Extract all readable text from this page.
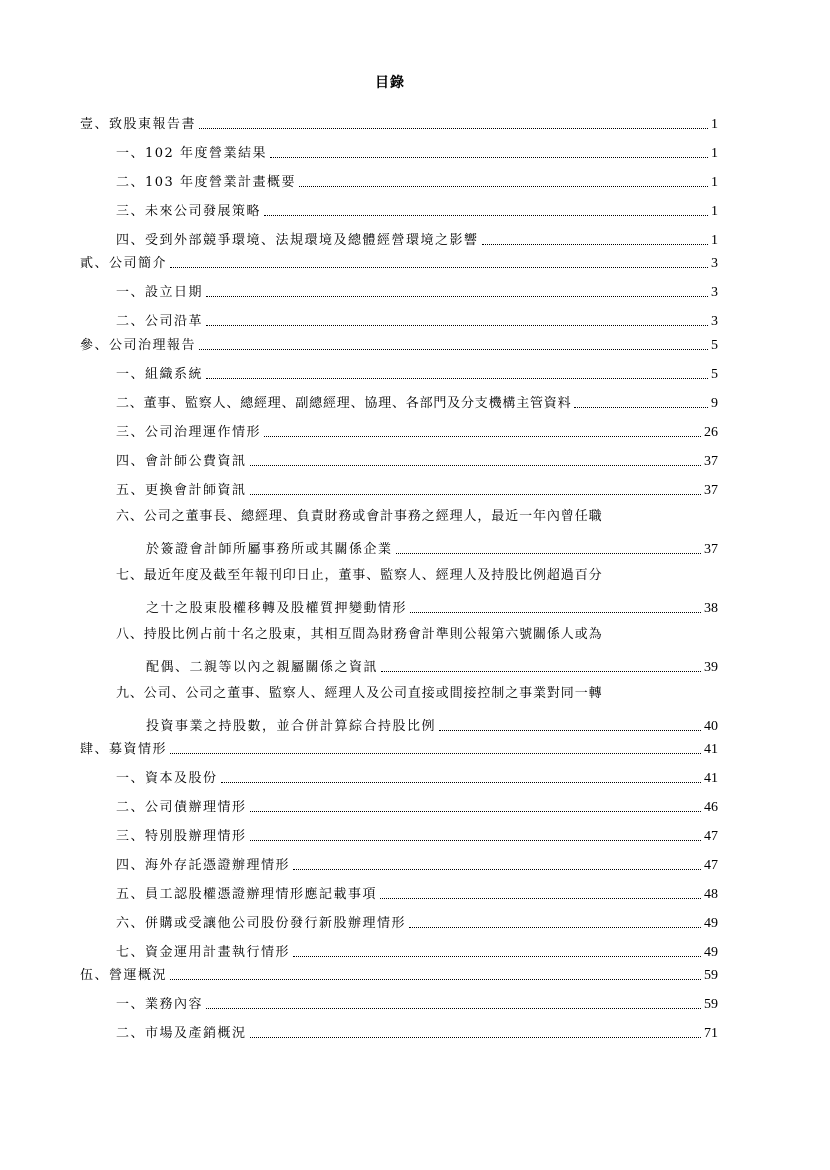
目錄
壹、致股東報告書	1
一、102 年度營業結果	1
二、103 年度營業計畫概要	1
三、未來公司發展策略	1
四、受到外部競爭環境、法規環境及總體經營環境之影響	1
貳、公司簡介	3
一、設立日期	3
二、公司沿革	3
參、公司治理報告	5
一、組織系統	5
二、董事、監察人、總經理、副總經理、協理、各部門及分支機構主管資料	9
三、公司治理運作情形	26
四、會計師公費資訊	37
五、更換會計師資訊	37
六、公司之董事長、總經理、負責財務或會計事務之經理人，最近一年內曾任職
於簽證會計師所屬事務所或其關係企業	37
七、最近年度及截至年報刊印日止，董事、監察人、經理人及持股比例超過百分
之十之股東股權移轉及股權質押變動情形	38
八、持股比例占前十名之股東，其相互間為財務會計準則公報第六號關係人或為
配偶、二親等以內之親屬關係之資訊	39
九、公司、公司之董事、監察人、經理人及公司直接或間接控制之事業對同一轉
投資事業之持股數，並合併計算綜合持股比例	40
肆、募資情形	41
一、資本及股份	41
二、公司債辦理情形	46
三、特別股辦理情形	47
四、海外存託憑證辦理情形	47
五、員工認股權憑證辦理情形應記載事項	48
六、併購或受讓他公司股份發行新股辦理情形	49
七、資金運用計畫執行情形	49
伍、營運概況	59
一、業務內容	59
二、市場及產銷概況	71
